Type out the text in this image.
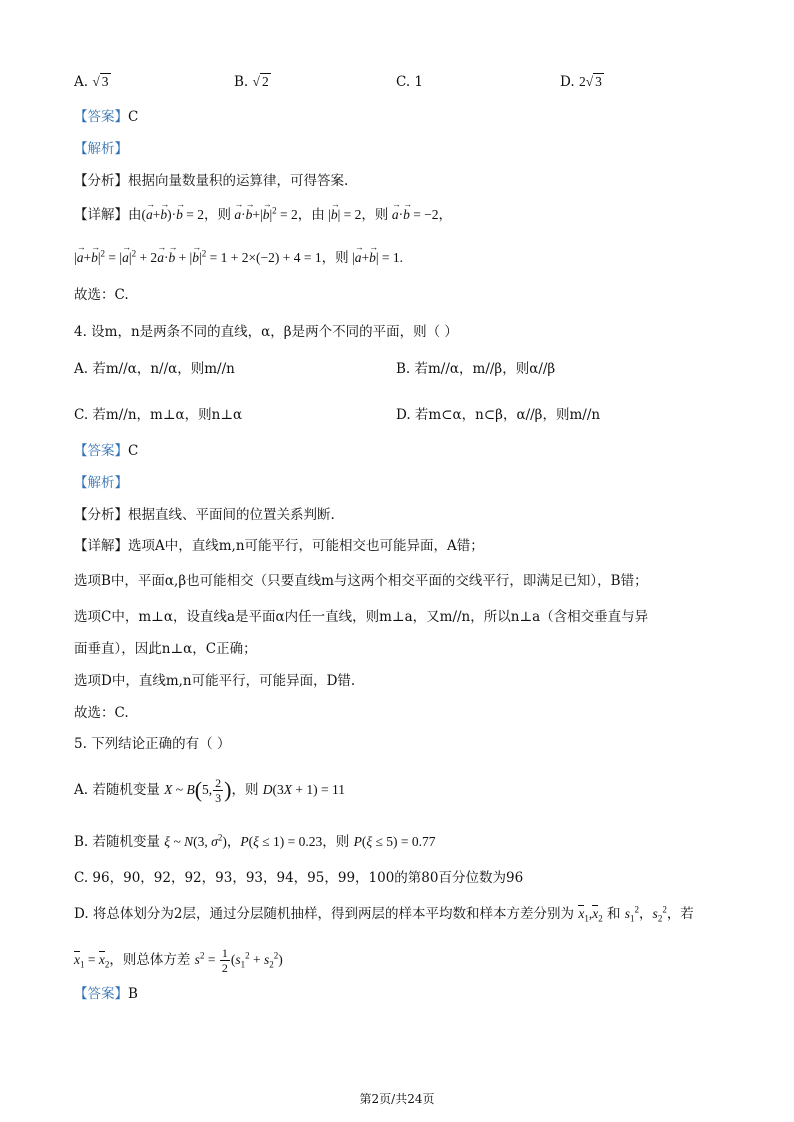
A. √ 3	B. √ 2	C. 1	D. 2√ 3
【答案】C
【解析】
【分析】根据向量数量积的运算律，可得答案.
【详解】由(→ a+→ b)·→ b = 2，则 → $a\cdot\to b+|\to b|^2 = 2$，由 |→ b| = 2，则 → a·→ b = −2，
|→ $a+\to b|^2$ = |→ $a|^2 + 2\to a\cdot\to b$ + |→ $b|^2 = 1 + 2\times(-2) + 4 = 1$，则 |→ a+→ b| = 1.
故选：C.
4. 设m，n是两条不同的直线，α，β是两个不同的平面，则（ ）
A. 若m//α，n//α，则m//n	B. 若m//α，m//β，则α//β
C. 若m//n，m⊥α，则n⊥α	D. 若m⊂α，n⊂β，α//β，则m//n
【答案】C
【解析】
【分析】根据直线、平面间的位置关系判断.
【详解】选项A中，直线m,n可能平行，可能相交也可能异面，A错；
选项B中，平面α,β也可能相交（只要直线m与这两个相交平面的交线平行，即满足已知），B错；
选项C中，m⊥α，设直线a是平面α内任一直线，则m⊥a，又m//n，所以n⊥a（含相交垂直与异
面垂直），因此n⊥α，C正确；
选项D中，直线m,n可能平行，可能异面，D错.
故选：C.
5. 下列结论正确的有（ ）
A. 若随机变量 X ~ B(5, $\frac{2}{3}$ )，则 D(3X + 1) = 11
B. 若随机变量 ξ ~ N(3, $\sigma^2$)，P(ξ ≤ 1) = 0.23，则 P(ξ ≤ 5) = 0.77
C. 96，90，92，92，93，93，94，95，99，100的第80百分位数为96
D. 将总体划分为2层，通过分层随机抽样，得到两层的样本平均数和样本方差分别为 $x_1,x_2$ 和 $s_1^2$，$s_2^2$，若
$x_1 = x_2$，则总体方差 $s^2 = \frac{1}{2} (s_1^2 + s_2^2)$
【答案】B
第2页/共24页
